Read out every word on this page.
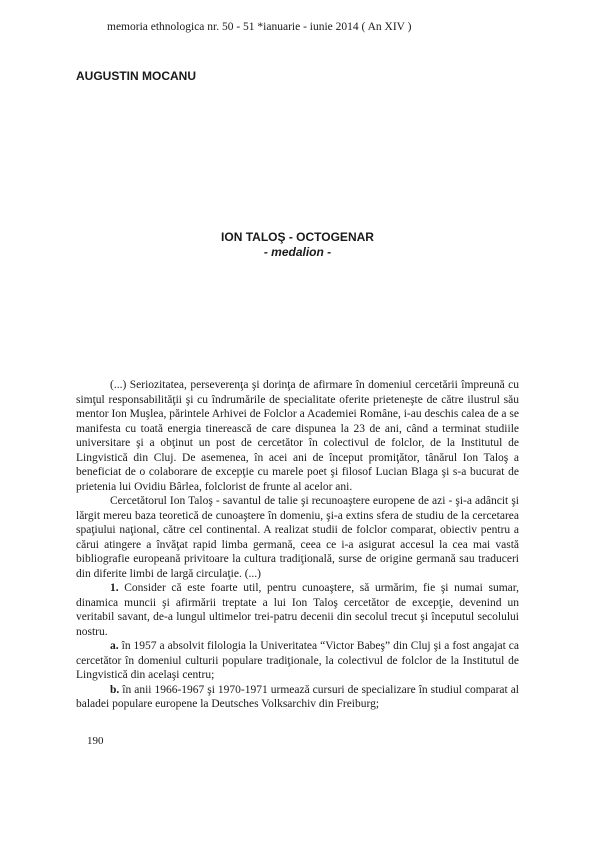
memoria ethnologica nr. 50 - 51 *ianuarie - iunie 2014 ( An XIV )
AUGUSTIN MOCANU
ION TALOŞ - OCTOGENAR
- medalion -

(...) Seriozitatea, perseverenţa şi dorinţa de afirmare în domeniul cercetării împreună cu simţul responsabilităţii şi cu îndrumările de specialitate oferite prieteneşte de către ilustrul său mentor Ion Muşlea, părintele Arhivei de Folclor a Academiei Române, i-au deschis calea de a se manifesta cu toată energia tinerească de care dispunea la 23 de ani, când a terminat studiile universitare şi a obţinut un post de cercetător în colectivul de folclor, de la Institutul de Lingvistică din Cluj. De asemenea, în acei ani de început promiţător, tânărul Ion Taloş a beneficiat de o colaborare de excepţie cu marele poet şi filosof Lucian Blaga şi s-a bucurat de prietenia lui Ovidiu Bârlea, folclorist de frunte al acelor ani.

Cercetătorul Ion Taloş - savantul de talie şi recunoaştere europene de azi - şi-a adâncit şi lărgit mereu baza teoretică de cunoaştere în domeniu, şi-a extins sfera de studiu de la cercetarea spaţiului naţional, către cel continental. A realizat studii de folclor comparat, obiectiv pentru a cărui atingere a învăţat rapid limba germană, ceea ce i-a asigurat accesul la cea mai vastă bibliografie europeană privitoare la cultura tradiţională, surse de origine germană sau traduceri din diferite limbi de largă circulaţie. (...)

1. Consider că este foarte util, pentru cunoaştere, să urmărim, fie şi numai sumar, dinamica muncii şi afirmării treptate a lui Ion Taloş cercetător de excepţie, devenind un veritabil savant, de-a lungul ultimelor trei-patru decenii din secolul trecut şi începutul secolului nostru.

a. în 1957 a absolvit filologia la Univeritatea “Victor Babeş” din Cluj şi a fost angajat ca cercetător în domeniul culturii populare tradiţionale, la colectivul de folclor de la Institutul de Lingvistică din acelaşi centru;

b. în anii 1966-1967 şi 1970-1971 urmează cursuri de specializare în studiul comparat al baladei populare europene la Deutsches Volksarchiv din Freiburg;

190
